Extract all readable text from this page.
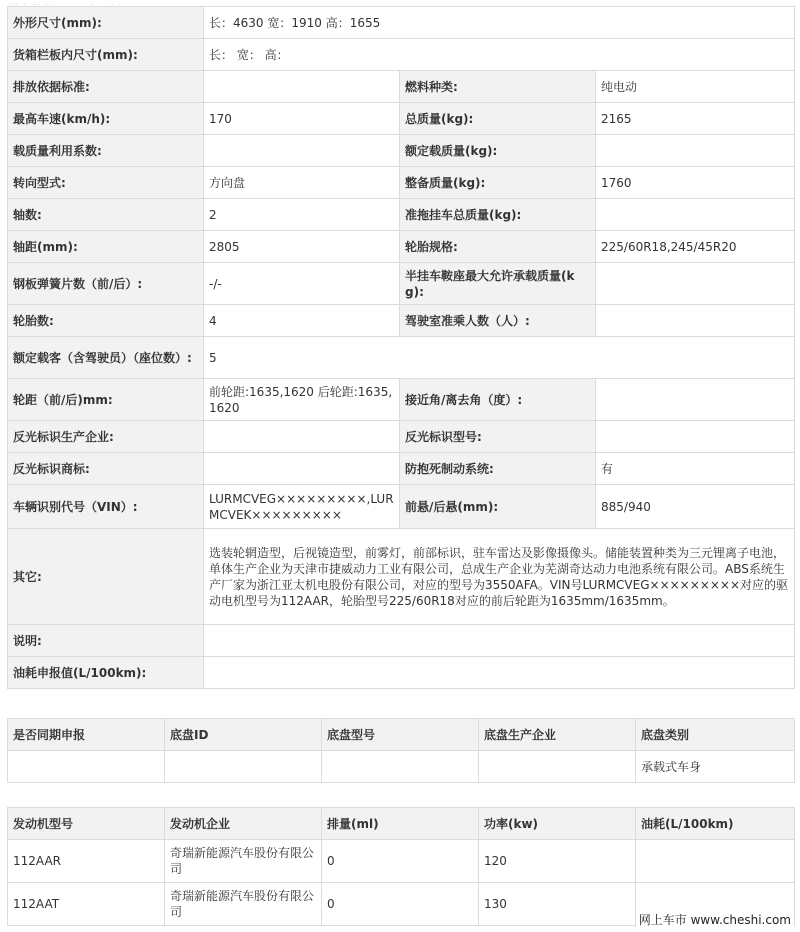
外形尺寸(mm):	长：4630 宽：1910 高：1655		
货箱栏板内尺寸(mm):	长： 宽： 高：		
排放依据标准:		燃料种类:	纯电动
最高车速(km/h):	170	总质量(kg):	2165
载质量利用系数:		额定载质量(kg):	
转向型式:	方向盘	整备质量(kg):	1760
轴数:	2	准拖挂车总质量(kg):	
轴距(mm):	2805	轮胎规格:	225/60R18,245/45R20
钢板弹簧片数（前/后）:	-/-	半挂车鞍座最大允许承载质量(kg):	
轮胎数:	4	驾驶室准乘人数（人）:	
额定载客（含驾驶员）（座位数）:	5		
轮距（前/后)mm:	前轮距:1635,1620 后轮距:1635,1620	接近角/离去角（度）:	
反光标识生产企业:		反光标识型号:	
反光标识商标:		防抱死制动系统:	有
车辆识别代号（VIN）:	LURMCVEG×××××××××,LURMCVEK×××××××××	前悬/后悬(mm):	885/940
其它:	选装轮辋造型，后视镜造型，前雾灯，前部标识，驻车雷达及影像摄像头。储能装置种类为三元锂离子电池，单体生产企业为天津市捷威动力工业有限公司，总成生产企业为芜湖奇达动力电池系统有限公司。ABS系统生产厂家为浙江亚太机电股份有限公司，对应的型号为3550AFA。VIN号LURMCVEG×××××××××对应的驱动电机型号为112AAR，轮胎型号225/60R18对应的前后轮距为1635mm/1635mm。		
说明:			
油耗申报值(L/100km):			
是否同期申报	底盘ID	底盘型号	底盘生产企业	底盘类别
				承载式车身
发动机型号	发动机企业	排量(ml)	功率(kw)	油耗(L/100km)
112AAR	奇瑞新能源汽车股份有限公司	0	120	
112AAT	奇瑞新能源汽车股份有限公司	0	130	
网上车市 www.cheshi.com
